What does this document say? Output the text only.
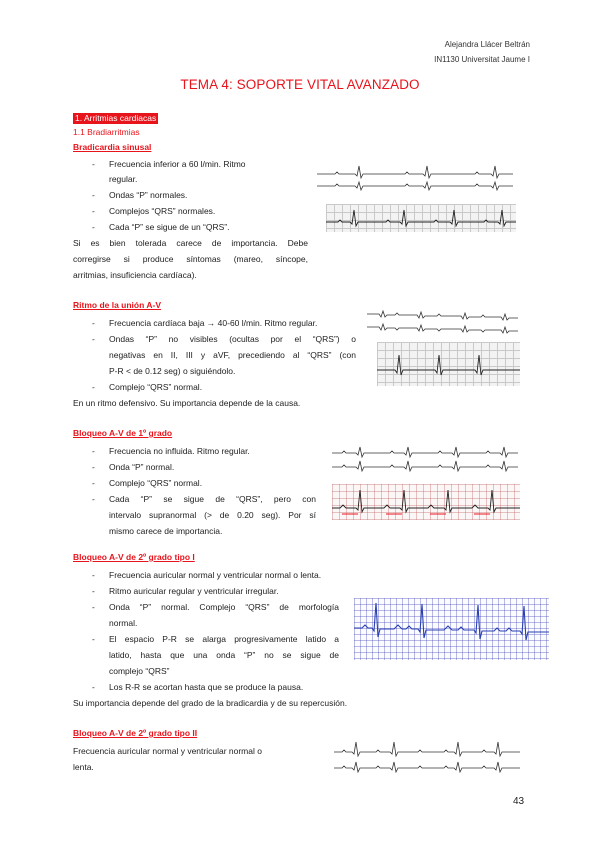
Alejandra Llácer Beltrán
IN1130 Universitat Jaume I
TEMA 4: SOPORTE VITAL AVANZADO
1. Arritmias cardiacas
1.1 Bradiarritmias
Bradicardia sinusal
- Frecuencia inferior a 60 l/min. Ritmo
regular.
- Ondas “P” normales.
- Complejos “QRS” normales.
- Cada “P” se sigue de un “QRS”.
Si es bien tolerada carece de importancia. Debe
corregirse si produce síntomas (mareo, síncope,
arritmias, insuficiencia cardíaca).
Ritmo de la unión A-V
- Frecuencia cardíaca baja → 40-60 l/min. Ritmo regular.
- Ondas “P” no visibles (ocultas por el “QRS”) o
negativas en II, III y aVF, precediendo al “QRS” (con
P-R < de 0.12 seg) o siguiéndolo.
- Complejo “QRS” normal.
En un ritmo defensivo. Su importancia depende de la causa.
Bloqueo A-V de 1º grado
- Frecuencia no influida. Ritmo regular.
- Onda “P” normal.
- Complejo “QRS” normal.
- Cada “P” se sigue de “QRS”, pero con
intervalo supranormal (> de 0.20 seg). Por sí
mismo carece de importancia.
Bloqueo A-V de 2º grado tipo I
- Frecuencia auricular normal y ventricular normal o lenta.
- Ritmo auricular regular y ventricular irregular.
- Onda “P” normal. Complejo “QRS” de morfología
normal.
- El espacio P-R se alarga progresivamente latido a
latido, hasta que una onda “P” no se sigue de
complejo “QRS”
- Los R-R se acortan hasta que se produce la pausa.
Su importancia depende del grado de la bradicardia y de su repercusión.
Bloqueo A-V de 2º grado tipo II
Frecuencia auricular normal y ventricular normal o
lenta.
43
